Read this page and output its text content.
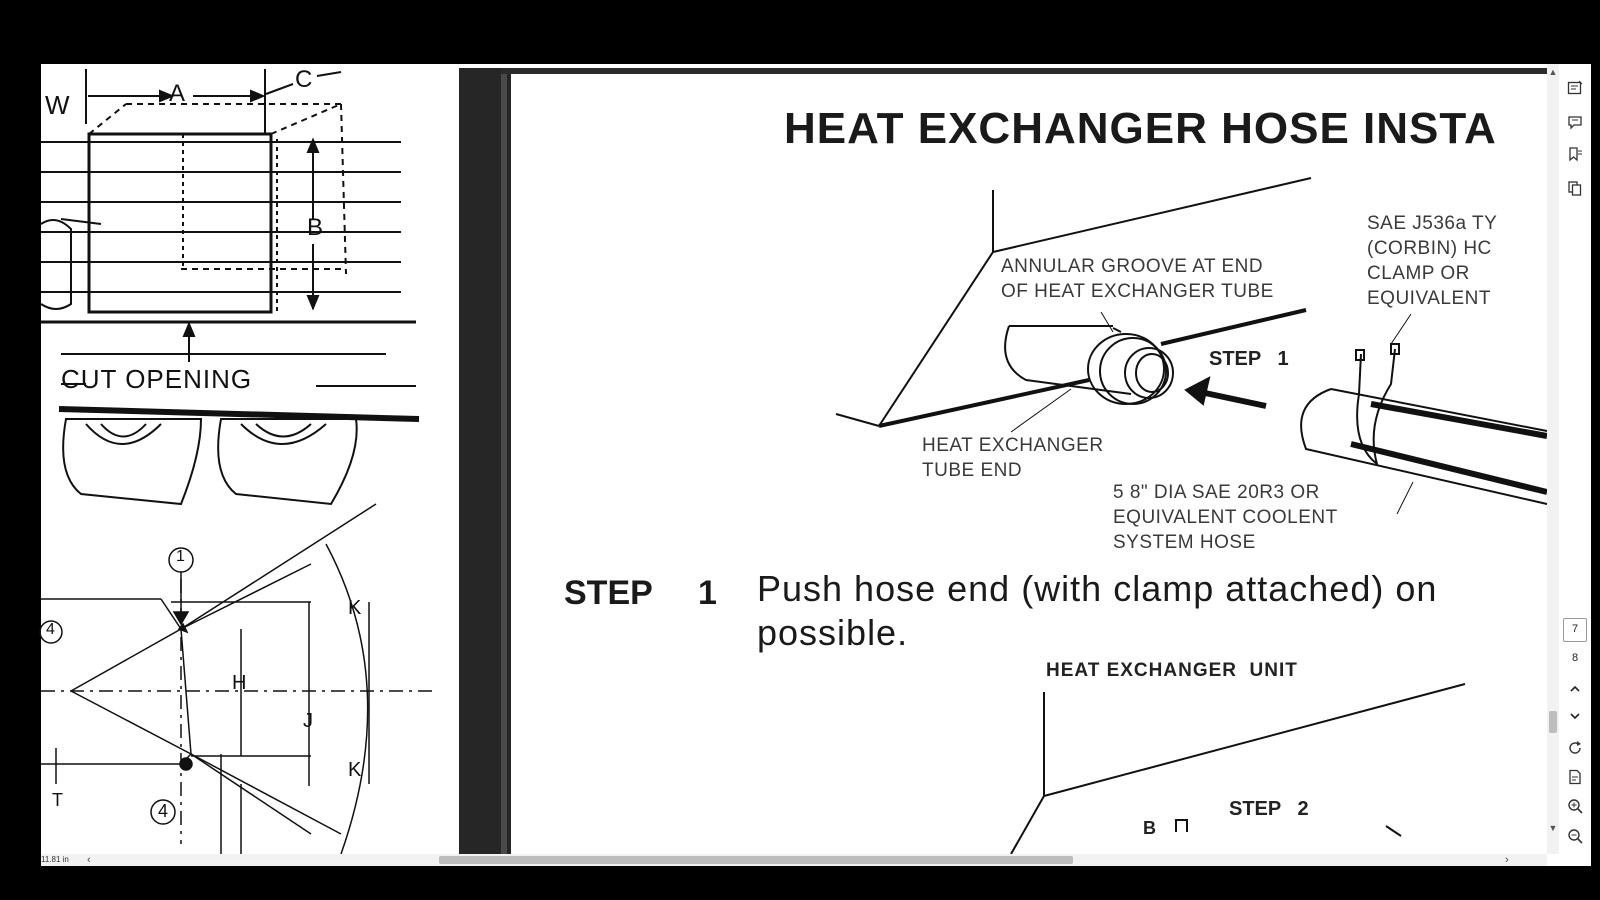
W	A
C
B
CUT OPENING
1
4
4
H
J
K
K
T
HEAT EXCHANGER HOSE INSTA
ANNULAR GROOVE AT END
OF HEAT EXCHANGER TUBE
SAE J536a TY
(CORBIN) HC
CLAMP OR
EQUIVALENT
STEP   1
HEAT EXCHANGER
TUBE END
5 8" DIA SAE 20R3 OR
EQUIVALENT COOLENT
SYSTEM HOSE
STEP 1 Push hose end (with clamp attached) on
possible.
HEAT EXCHANGER  UNIT
STEP   2
B
▲
▼
11.81 in ‹	›
7
8
